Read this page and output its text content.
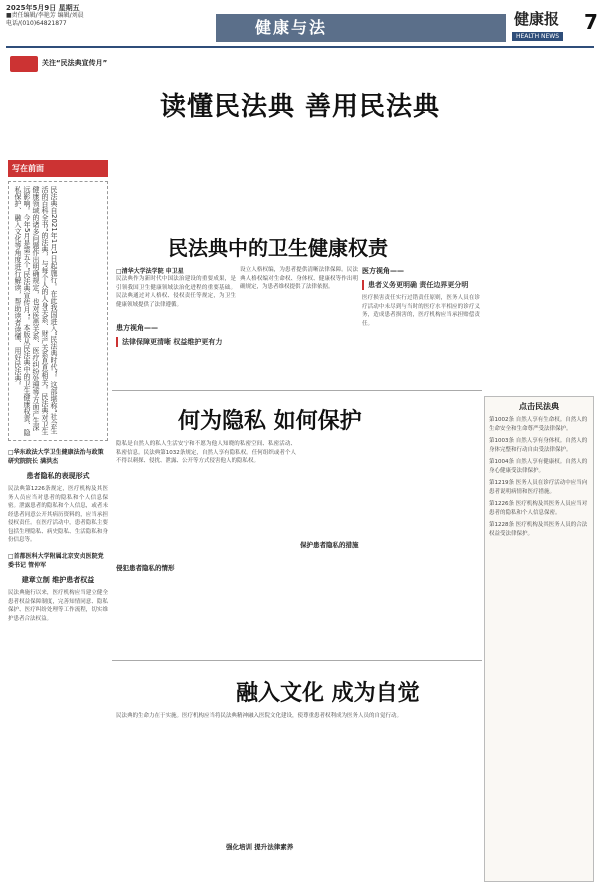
2025年5月9日 星期五
■责任编辑/李艳芳 编辑/刘晨
电话/(010)64821877	健康与法	健康报 7
HEALTH NEWS
关注“民法典宣传月”
读懂民法典 善用民法典
写在前面
民法典自2021年1月1日起施行。在此我国进入“民法典时代”。这部堪称“社会生活的百科全书”的法典，与每个人的人身关系、财产关系息息相关。民法典对卫生健康领域的诸多问题作出明确规定，也对医患关系、医疗纠纷处理等方面产生深远影响。今年5月是第五个“民法典宣传月”。本版从民法典中的卫生健康权责、隐私保护、融入文化等角度进行解读，帮助读者读懂、用好民法典。
□华东政法大学卫生健康法治与政策研究院院长 满洪杰
患者隐私的表现形式
民法典第1226条规定，医疗机构及其医务人员应当对患者的隐私和个人信息保密。泄露患者的隐私和个人信息，或者未经患者同意公开其病历资料的，应当承担侵权责任。在医疗活动中，患者隐私主要包括生理隐私、病史隐私、生活隐私和身份信息等。
□首都医科大学附属北京安贞医院党委书记 管仲军
建章立制 维护患者权益
民法典施行以来，医疗机构应当建立健全患者权益保障制度，完善知情同意、隐私保护、医疗纠纷处理等工作流程，切实维护患者合法权益。
民法典中的卫生健康权责
□清华大学法学院 申卫星
民法典作为新时代中国法治建设的重要成果，是引领我国卫生健康领域法治化进程的重要基础。民法典通过对人格权、侵权责任等规定，为卫生健康领域提供了法律遵循。
患方视角——
法律保障更清晰 权益维护更有力
设立人格权编，为患者提供清晰法律保障。民法典人格权编对生命权、身体权、健康权等作出明确规定，为患者维权提供了法律依据。
医方视角——
患者义务更明确 责任边界更分明
医疗损害责任实行过错责任原则，医务人员在诊疗活动中未尽到与当时的医疗水平相应的诊疗义务，造成患者损害的，医疗机构应当承担赔偿责任。
何为隐私 如何保护
隐私是自然人的私人生活安宁和不愿为他人知晓的私密空间、私密活动、私密信息。民法典第1032条规定，自然人享有隐私权。任何组织或者个人不得以刺探、侵扰、泄露、公开等方式侵害他人的隐私权。
侵犯患者隐私的情形
保护患者隐私的措施
融入文化 成为自觉
民法典的生命力在于实施。医疗机构应当将民法典精神融入医院文化建设，使尊重患者权利成为医务人员的自觉行动。
强化培训 提升法律素养
点击民法典
第1002条 自然人享有生命权。自然人的生命安全和生命尊严受法律保护。
第1003条 自然人享有身体权。自然人的身体完整和行动自由受法律保护。
第1004条 自然人享有健康权。自然人的身心健康受法律保护。
第1219条 医务人员在诊疗活动中应当向患者说明病情和医疗措施。
第1226条 医疗机构及其医务人员应当对患者的隐私和个人信息保密。
第1228条 医疗机构及其医务人员的合法权益受法律保护。
